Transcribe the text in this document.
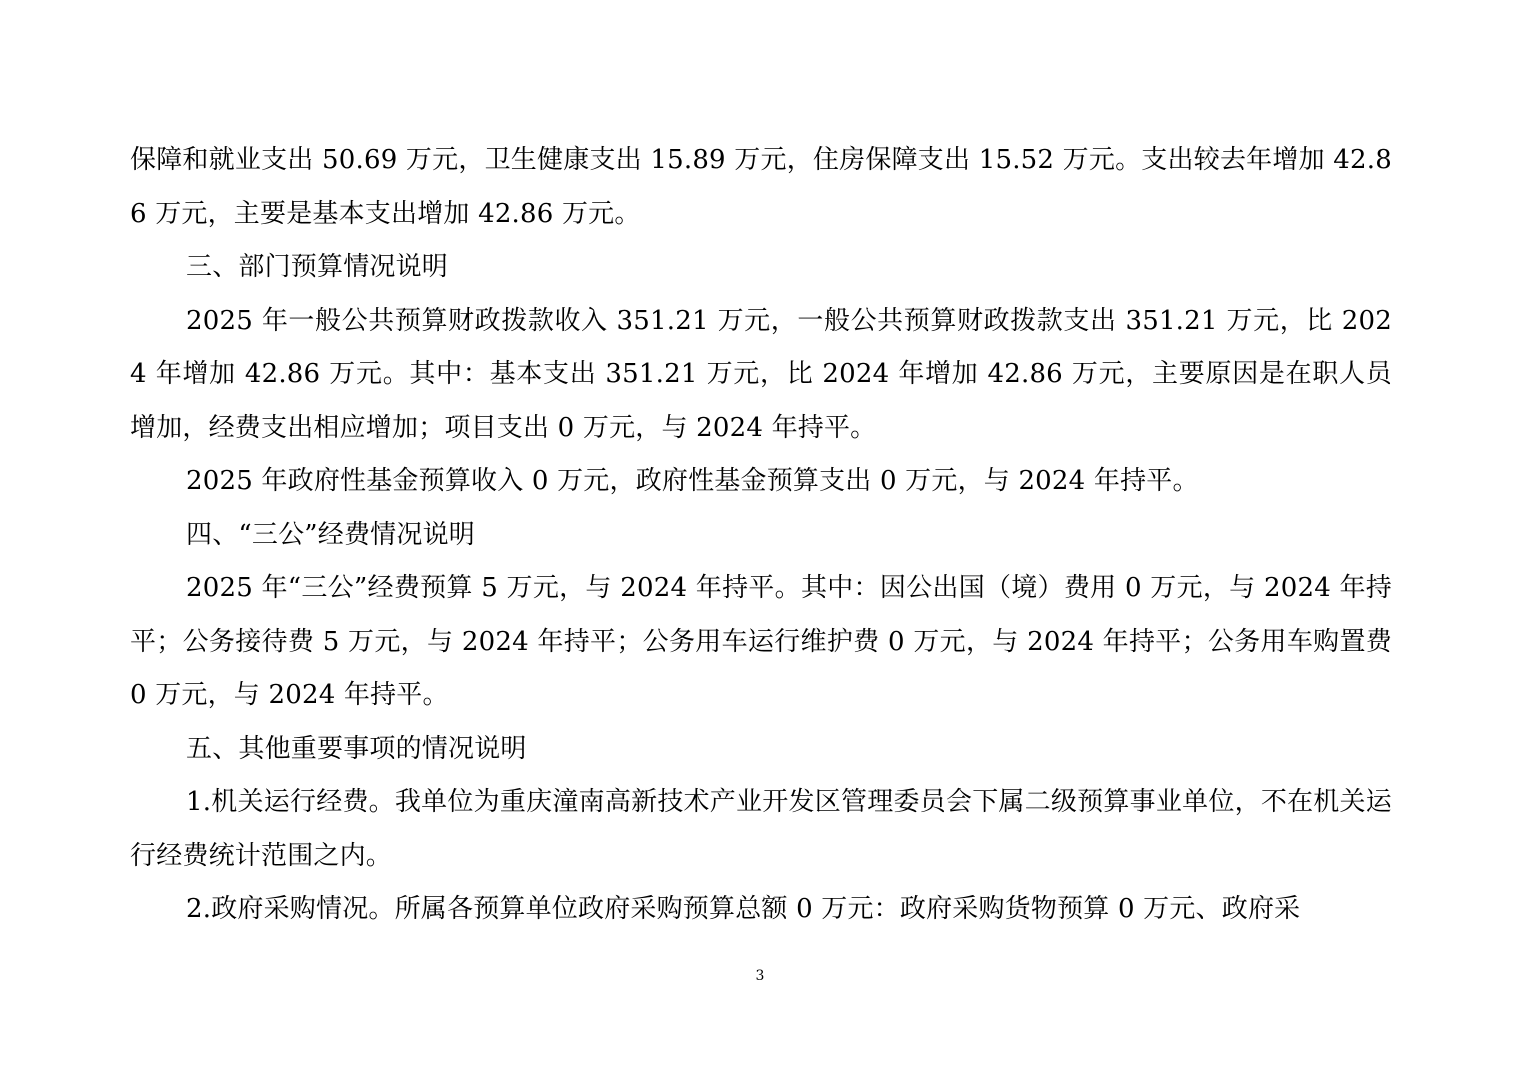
保障和就业支出 50.69 万元，卫生健康支出 15.89 万元，住房保障支出 15.52 万元。支出较去年增加 42.86 万元，主要是基本支出增加 42.86 万元。

三、部门预算情况说明

2025 年一般公共预算财政拨款收入 351.21 万元，一般公共预算财政拨款支出 351.21 万元，比 2024 年增加 42.86 万元。其中：基本支出 351.21 万元，比 2024 年增加 42.86 万元，主要原因是在职人员增加，经费支出相应增加；项目支出 0 万元，与 2024 年持平。

2025 年政府性基金预算收入 0 万元，政府性基金预算支出 0 万元，与 2024 年持平。

四、“三公”经费情况说明

2025 年“三公”经费预算 5 万元，与 2024 年持平。其中：因公出国（境）费用 0 万元，与 2024 年持平；公务接待费 5 万元，与 2024 年持平；公务用车运行维护费 0 万元，与 2024 年持平；公务用车购置费 0 万元，与 2024 年持平。

五、其他重要事项的情况说明

1.机关运行经费。我单位为重庆潼南高新技术产业开发区管理委员会下属二级预算事业单位，不在机关运行经费统计范围之内。

2.政府采购情况。所属各预算单位政府采购预算总额 0 万元：政府采购货物预算 0 万元、政府采

3
